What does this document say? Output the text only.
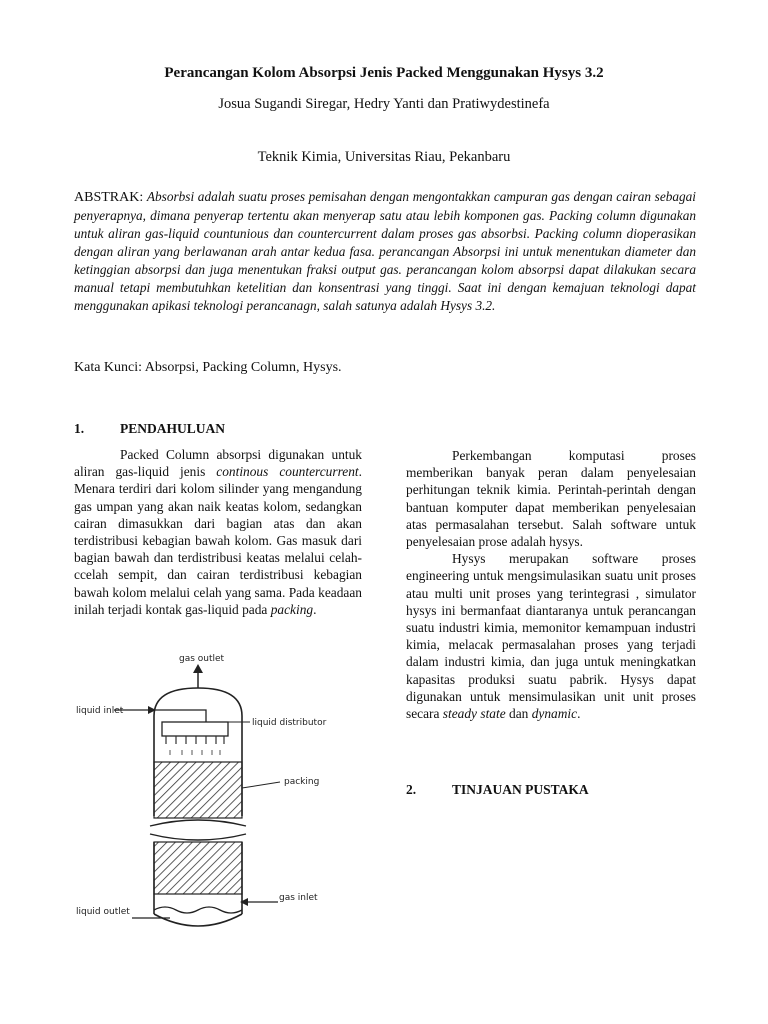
Perancangan Kolom Absorpsi Jenis Packed Menggunakan Hysys 3.2
Josua Sugandi Siregar, Hedry Yanti dan Pratiwydestinefa
Teknik Kimia, Universitas Riau, Pekanbaru
ABSTRAK: Absorbsi adalah suatu proses pemisahan dengan mengontakkan campuran gas dengan cairan sebagai penyerapnya, dimana penyerap tertentu akan menyerap satu atau lebih komponen gas. Packing column digunakan untuk aliran gas-liquid countunious dan countercurrent dalam proses gas absorbsi. Packing column dioperasikan dengan aliran yang berlawanan arah antar kedua fasa. perancangan Absorpsi ini untuk menentukan diameter dan ketinggian absorpsi dan juga menentukan fraksi output gas. perancangan kolom absorpsi dapat dilakukan secara manual tetapi membutuhkan ketelitian dan konsentrasi yang tinggi. Saat ini dengan kemajuan teknologi dapat menggunakan apikasi teknologi perancanagn, salah satunya adalah Hysys 3.2.
Kata Kunci: Absorpsi, Packing Column, Hysys.
1.	PENDAHULUAN

Packed Column absorpsi digunakan untuk aliran gas-liquid jenis continous countercurrent. Menara terdiri dari kolom silinder yang mengandung gas umpan yang akan naik keatas kolom, sedangkan cairan dimasukkan dari bagian atas dan akan terdistribusi kebagian bawah kolom. Gas masuk dari bagian bawah dan terdistribusi keatas melalui celah-ccelah sempit, dan cairan terdistribusi kebagian bawah kolom melalui celah yang sama. Pada keadaan inilah terjadi kontak gas-liquid pada packing.

Perkembangan komputasi proses memberikan banyak peran dalam penyelesaian perhitungan teknik kimia. Perintah-perintah dengan bantuan komputer dapat memberikan penyelesaian atas permasalahan tersebut. Salah software untuk penyelesaian prose adalah hysys.

Hysys merupakan software proses engineering untuk mengsimulasikan suatu unit proses atau multi unit proses yang terintegrasi , simulator hysys ini bermanfaat diantaranya untuk perancangan suatu industri kimia, memonitor kemampuan industri kimia, melacak permasalahan proses yang terjadi dalam industri kimia, dan juga untuk meningkatkan kapasitas produksi suatu pabrik. Hysys dapat digunakan untuk mensimulasikan unit unit proses secara steady state dan dynamic.

2.	TINJAUAN PUSTAKA
gas outlet
liquid inlet
liquid distributor
packing
gas inlet
liquid outlet
